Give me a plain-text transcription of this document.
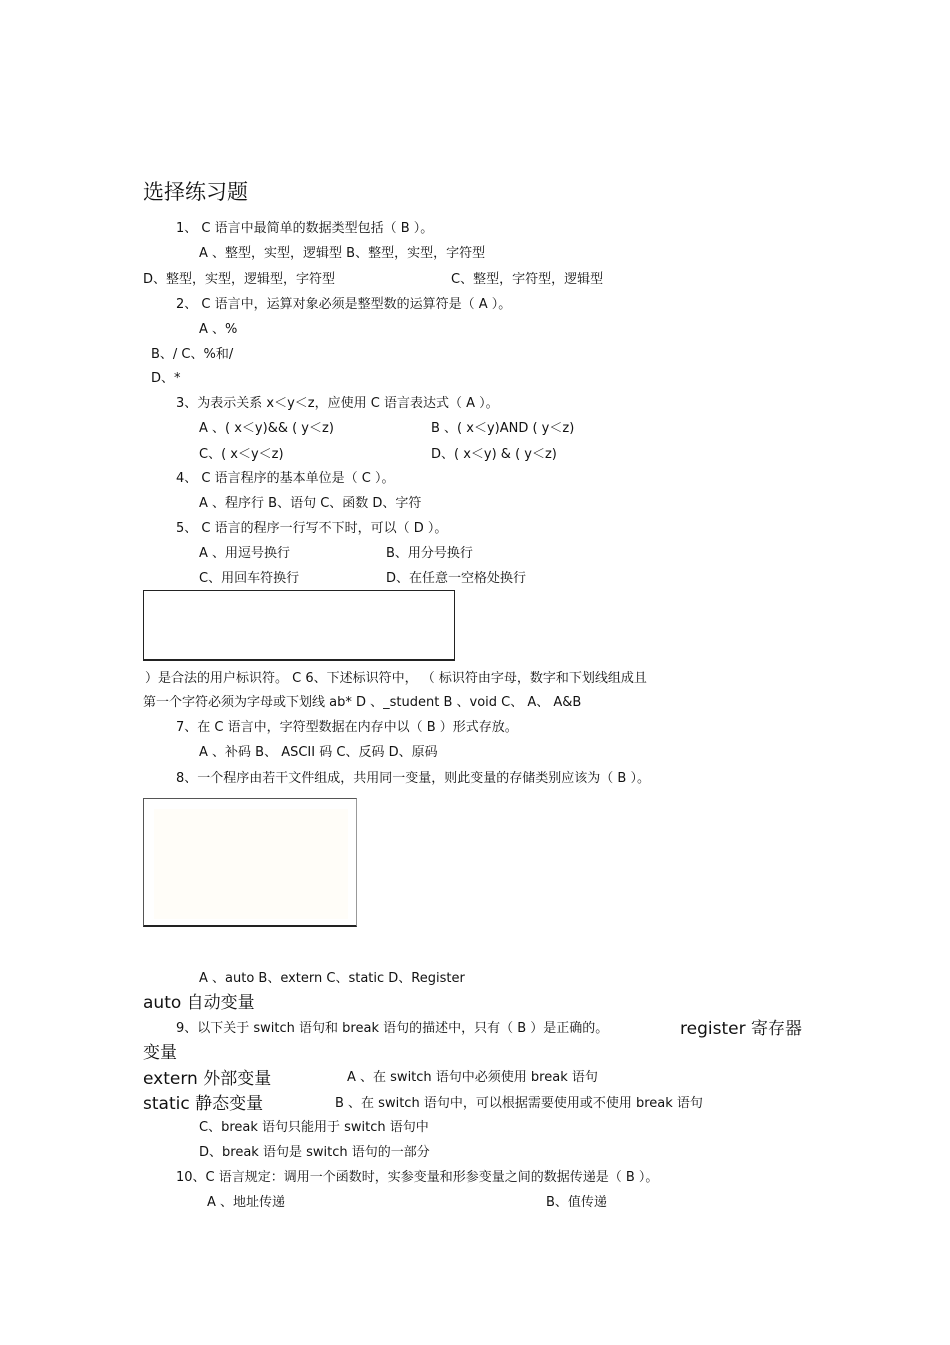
选择练习题
1、 C 语言中最简单的数据类型包括（ B ）。
A 、整型，实型，逻辑型 B、整型，实型，字符型
D、整型，实型，逻辑型，字符型	C、整型，字符型，逻辑型
2、 C 语言中，运算对象必须是整型数的运算符是（ A ）。
A 、%
B、/ C、%和/
D、*
3、为表示关系 x＜y＜z，应使用 C 语言表达式（ A ）。
A 、( x＜y)&& ( y＜z)	B 、( x＜y)AND ( y＜z)
C、( x＜y＜z)	D、( x＜y) & ( y＜z)
4、 C 语言程序的基本单位是（ C ）。
A 、程序行 B、语句 C、函数 D、字符
5、 C 语言的程序一行写不下时，可以（ D ）。
A 、用逗号换行	B、用分号换行
C、用回车符换行	D、在任意一空格处换行
）是合法的用户标识符。 C 6、下述标识符中， （ 标识符由字母，数字和下划线组成且
第一个字符必须为字母或下划线 ab* D 、_student B 、void C、 A、 A&B
7、在 C 语言中，字符型数据在内存中以（ B ）形式存放。
A 、补码 B、 ASCII 码 C、反码 D、原码
8、一个程序由若干文件组成，共用同一变量，则此变量的存储类别应该为（ B ）。
A 、auto B、extern C、static D、Register
auto 自动变量
9、以下关于 switch 语句和 break 语句的描述中，只有（ B ）是正确的。	register 寄存器
变量
extern 外部变量	A 、在 switch 语句中必须使用 break 语句
static 静态变量	B 、在 switch 语句中，可以根据需要使用或不使用 break 语句
C、break 语句只能用于 switch 语句中
D、break 语句是 switch 语句的一部分
10、C 语言规定：调用一个函数时，实参变量和形参变量之间的数据传递是（ B ）。
A 、地址传递	B、值传递
